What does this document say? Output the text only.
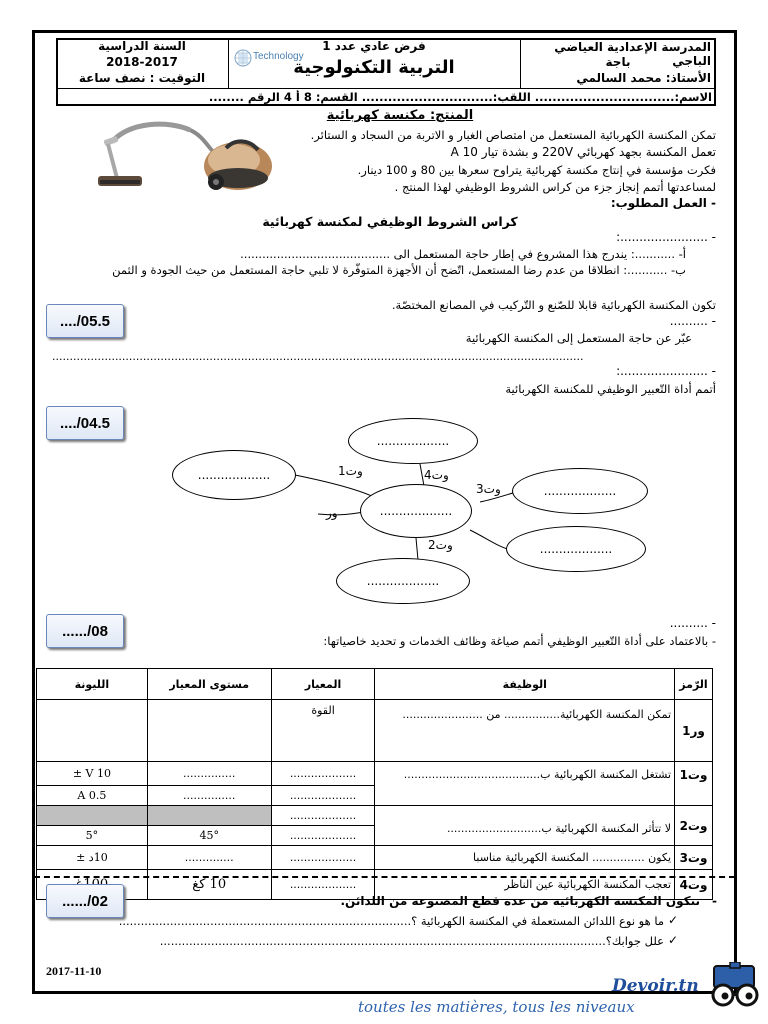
المدرسة الإعدادية العياضي الباجي
باجة
الأستاذ: محمد السالمي
فرض عادي عدد 1
التربية التكنولوجية
Technology
السنة الدراسية
2018-2017
التوقيت : نصف ساعة
الاسم:................................ اللقب:.............................. القسم: 8 أ 4 الرقم ........
المنتج: مكنسة كهربائية
تمكن المكنسة الكهربائية المستعمل من امتصاص الغبار و الاتربة من السجاد و الستائر.
تعمل المكنسة بجهد كهربائي 220V و بشدة تيار 10 A
فكرت مؤسسة في إنتاج مكنسة كهربائية يتراوح سعرها بين 80 و 100 دينار.
لمساعدتها أتمم إنجاز جزء من كراس الشروط الوظيفي لهذا المنتج .
- العمل المطلوب:
كراس الشروط الوظيفي لمكنسة كهربائية
- .......................:
أ- ...........: يندرج هذا المشروع في إطار حاجة المستعمل الى .........................................
ب- ...........: انطلاقا من عدم رضا المستعمل، اتّضح أن الأجهزة المتوفّرة لا تلبي حاجة المستعمل من حيث الجودة و الثمن
..../05.5
تكون المكنسة الكهربائية قابلا للصّنع و التّركيب في المصانع المختصّة.
- ..........
عبّر عن حاجة المستعمل إلى المكنسة الكهربائية
........................................................................................................................................................
- .......................:
أتمم أداة التّعبير الوظيفي للمكنسة الكهربائية
..../04.5
...................
...................
...................
...................
...................
...................
وت1	وت4
وت3
وت2
ور
....../08	- ..........
- بالاعتماد على أداة التّعبير الوظيفي أتمم صياغة وظائف الخدمات و تحديد خاصياتها:
الرّمز	الوظيفة	المعيار	مستوى المعيار	الليونة
ور1	تمكن المكنسة الكهربائية................ من .......................	القوة		
وت1	تشتغل المكنسة الكهربائية ب.......................................	...................	...............	10 V ±
		...................	...............	0.5 A
وت2	لا تتأثر المكنسة الكهربائية ب...........................	...................		
		...................	45°	5°
وت3	يكون ............... المكنسة الكهربائية مناسبا	...................	..............	10د ±
وت4	تعجب المكنسة الكهربائية عين الناظر	...................	10 كغ	
....../02	تتكون المكنسة الكهربائية من عدة قطع المصنوعة من اللدائن. -
ما هو نوع اللدائن المستعملة في المكنسة الكهربائية ؟................................................................................ ✓
علل جوابك؟.......................................................................................................................... ✓
2017-11-10
Devoir.tn
toutes les matières, tous les niveaux
